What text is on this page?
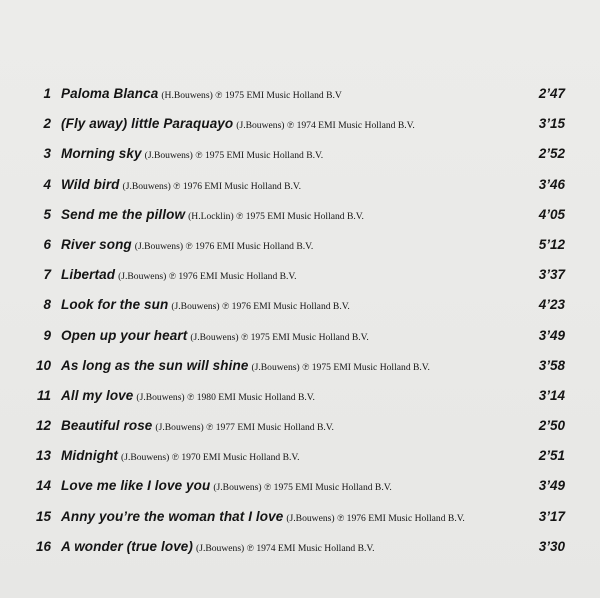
1 Paloma Blanca (H.Bouwens) ℗ 1975 EMI Music Holland B.V	2’47
2 (Fly away) little Paraquayo (J.Bouwens) ℗ 1974 EMI Music Holland B.V.	3’15
3 Morning sky (J.Bouwens) ℗ 1975 EMI Music Holland B.V.	2’52
4 Wild bird (J.Bouwens) ℗ 1976 EMI Music Holland B.V.	3’46
5 Send me the pillow (H.Locklin) ℗ 1975 EMI Music Holland B.V.	4’05
6 River song (J.Bouwens) ℗ 1976 EMI Music Holland B.V.	5’12
7 Libertad (J.Bouwens) ℗ 1976 EMI Music Holland B.V.	3’37
8 Look for the sun (J.Bouwens) ℗ 1976 EMI Music Holland B.V.	4’23
9 Open up your heart (J.Bouwens) ℗ 1975 EMI Music Holland B.V.	3’49
10 As long as the sun will shine (J.Bouwens) ℗ 1975 EMI Music Holland B.V.	3’58
11 All my love (J.Bouwens) ℗ 1980 EMI Music Holland B.V.	3’14
12 Beautiful rose (J.Bouwens) ℗ 1977 EMI Music Holland B.V.	2’50
13 Midnight (J.Bouwens) ℗ 1970 EMI Music Holland B.V.	2’51
14 Love me like I love you (J.Bouwens) ℗ 1975 EMI Music Holland B.V.	3’49
15 Anny you’re the woman that I love (J.Bouwens) ℗ 1976 EMI Music Holland B.V.	3’17
16 A wonder (true love) (J.Bouwens) ℗ 1974 EMI Music Holland B.V.	3’30
